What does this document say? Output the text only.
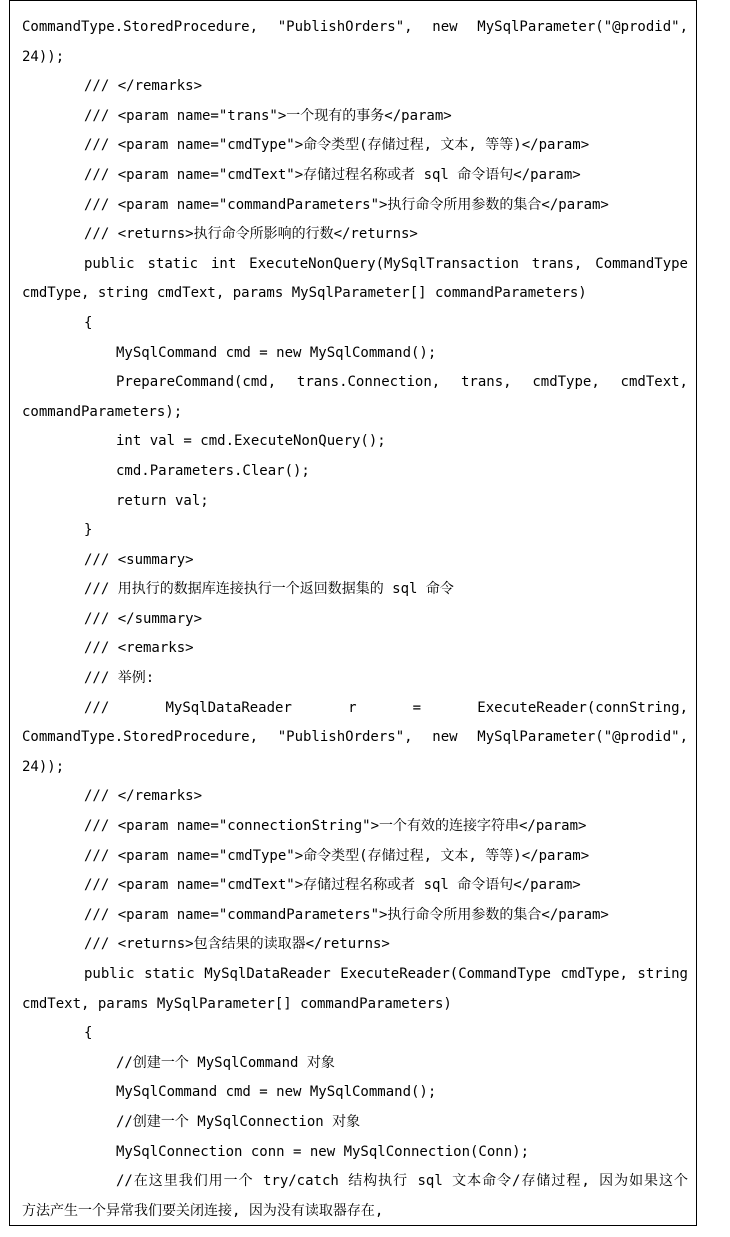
CommandType.StoredProcedure, "PublishOrders", new MySqlParameter("@prodid",
24));
/// </remarks>
/// <param name="trans">一个现有的事务</param>
/// <param name="cmdType">命令类型(存储过程, 文本, 等等)</param>
/// <param name="cmdText">存储过程名称或者 sql 命令语句</param>
/// <param name="commandParameters">执行命令所用参数的集合</param>
/// <returns>执行命令所影响的行数</returns>
public static int ExecuteNonQuery(MySqlTransaction trans, CommandType
cmdType, string cmdText, params MySqlParameter[] commandParameters)
{
MySqlCommand cmd = new MySqlCommand();
PrepareCommand(cmd, trans.Connection, trans, cmdType, cmdText,
commandParameters);
int val = cmd.ExecuteNonQuery();
cmd.Parameters.Clear();
return val;
}
/// <summary>
/// 用执行的数据库连接执行一个返回数据集的 sql 命令
/// </summary>
/// <remarks>
/// 举例:
/// MySqlDataReader r = ExecuteReader(connString,
CommandType.StoredProcedure, "PublishOrders", new MySqlParameter("@prodid",
24));
/// </remarks>
/// <param name="connectionString">一个有效的连接字符串</param>
/// <param name="cmdType">命令类型(存储过程, 文本, 等等)</param>
/// <param name="cmdText">存储过程名称或者 sql 命令语句</param>
/// <param name="commandParameters">执行命令所用参数的集合</param>
/// <returns>包含结果的读取器</returns>
public static MySqlDataReader ExecuteReader(CommandType cmdType, string
cmdText, params MySqlParameter[] commandParameters)
{
//创建一个 MySqlCommand 对象
MySqlCommand cmd = new MySqlCommand();
//创建一个 MySqlConnection 对象
MySqlConnection conn = new MySqlConnection(Conn);
//在这里我们用一个 try/catch 结构执行 sql 文本命令/存储过程, 因为如果这个
方法产生一个异常我们要关闭连接, 因为没有读取器存在,
